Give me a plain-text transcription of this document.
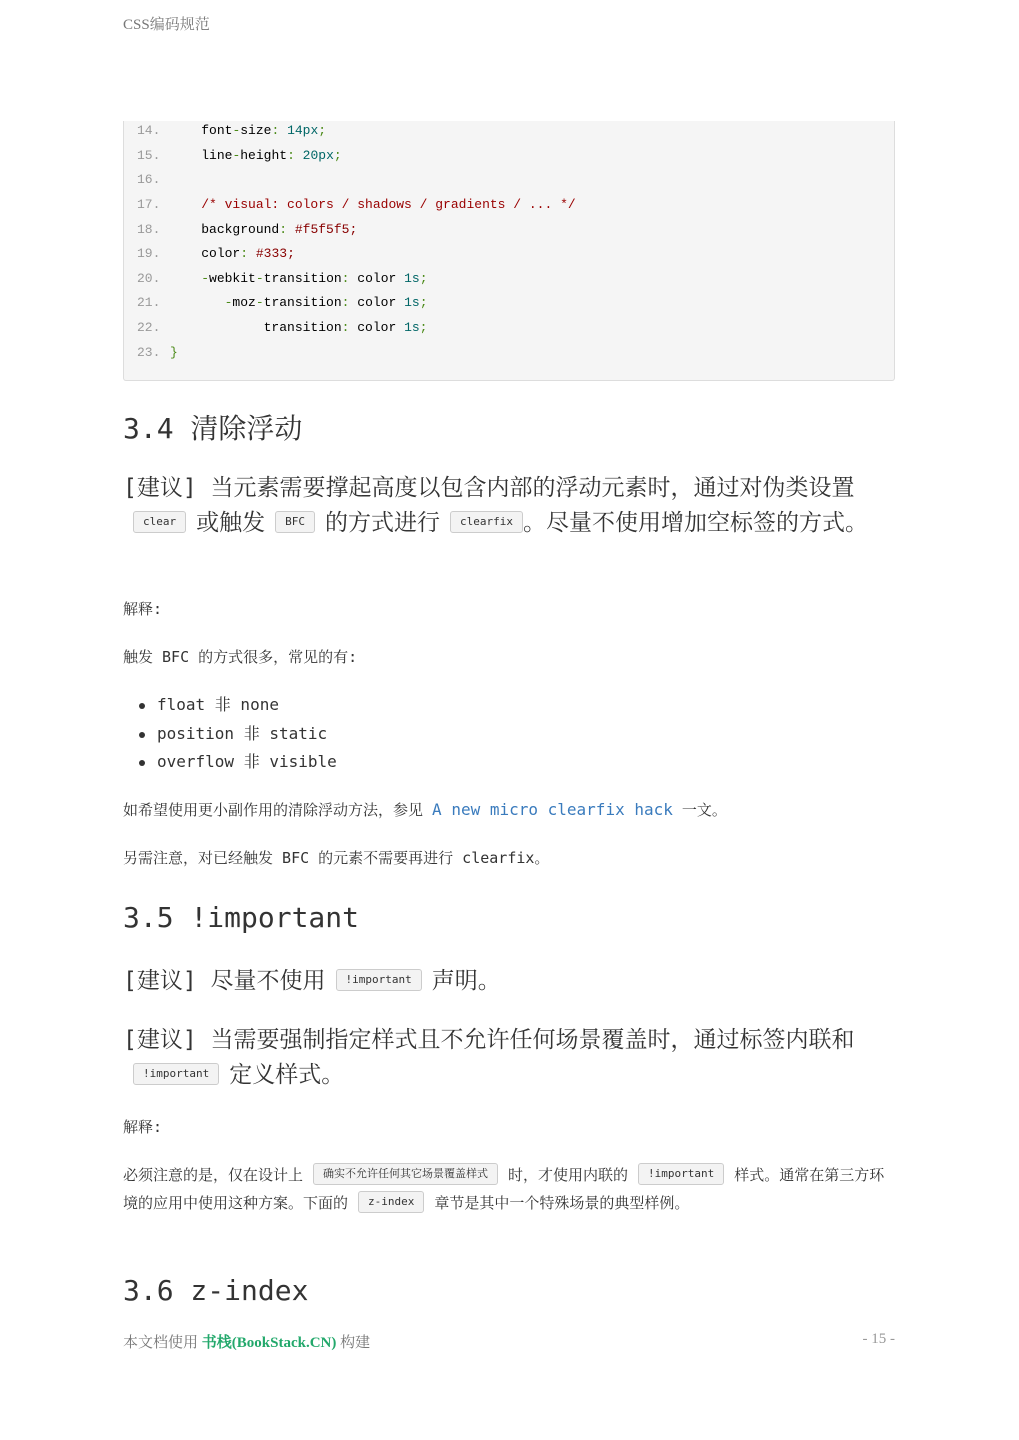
CSS编码规范
14.	font-size: 14px;
15.	line-height: 20px;
16.
17.	/* visual: colors / shadows / gradients / ... */
18.	background: #f5f5f5;
19.	color: #333;
20.	-webkit-transition: color 1s;
21.	-moz-transition: color 1s;
22.	transition: color 1s;
23. }
3.4 清除浮动
[建议] 当元素需要撑起高度以包含内部的浮动元素时，通过对伪类设置clear 或触发 BFC 的方式进行 clearfix 。尽量不使用增加空标签的方式。

解释:

触发 BFC 的方式很多，常见的有:

float 非 none
position 非 static
overflow 非 visible

如希望使用更小副作用的清除浮动方法，参见 A new micro clearfix hack 一文。

另需注意，对已经触发 BFC 的元素不需要再进行 clearfix。

3.5 !important
[建议] 尽量不使用 !important 声明。
[建议] 当需要强制指定样式且不允许任何场景覆盖时，通过标签内联和!important 定义样式。

解释:

必须注意的是，仅在设计上 确实不允许任何其它场景覆盖样式 时，才使用内联的 !important 样式。通常在第三方环境的应用中使用这种方案。下面的 z-index 章节是其中一个特殊场景的典型样例。

3.6 z-index
本文档使用 书栈(BookStack.CN) 构建	- 15 -
